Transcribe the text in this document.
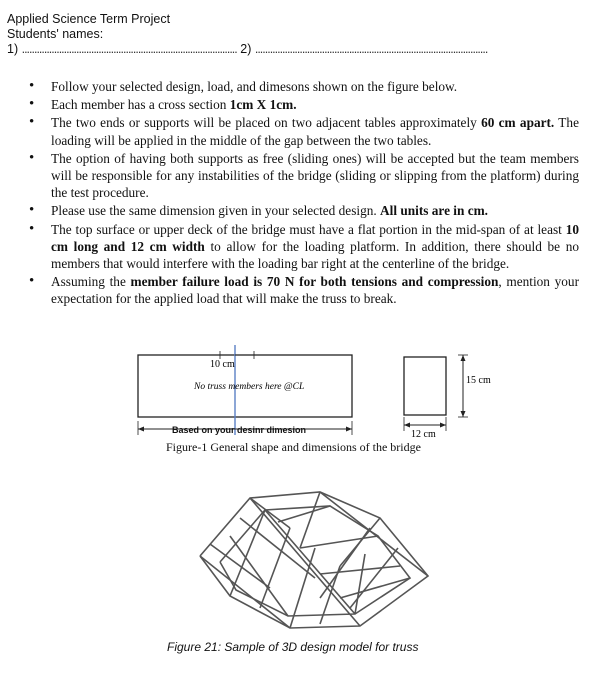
Applied Science Term Project
Students' names:
1) ....................................................................................... 2) ..............................................................................................
• Follow your selected design, load, and dimesons shown on the figure below.
• Each member has a cross section 1cm X 1cm.
• The two ends or supports will be placed on two adjacent tables approximately 60 cm apart. The loading will be applied in the middle of the gap between the two tables.
• The option of having both supports as free (sliding ones) will be accepted but the team members will be responsible for any instabilities of the bridge (sliding or slipping from the platform) during the test procedure.
• Please use the same dimension given in your selected design. All units are in cm.
• The top surface or upper deck of the bridge must have a flat portion in the mid-span of at least 10 cm long and 12 cm width to allow for the loading platform. In addition, there should be no members that would interfere with the loading bar right at the centerline of the bridge.
• Assuming the member failure load is 70 N for both tensions and compression, mention your expectation for the applied load that will make the truss to break.
10 cm
No truss members here @CL
15 cm
12 cm
Based on your desinr dimesion
Figure-1 General shape and dimensions of the bridge
Figure 21: Sample of 3D design model for truss
